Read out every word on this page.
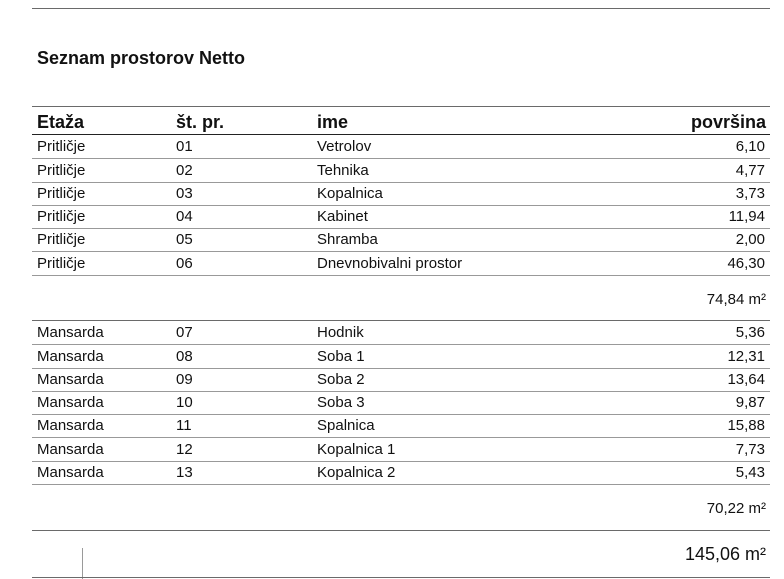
Seznam prostorov Netto
Etaža	št. pr.	ime	površina
Pritličje	01	Vetrolov	6,10
Pritličje	02	Tehnika	4,77
Pritličje	03	Kopalnica	3,73
Pritličje	04	Kabinet	11,94
Pritličje	05	Shramba	2,00
Pritličje	06	Dnevnobivalni prostor	46,30
74,84 m²
Mansarda	07	Hodnik	5,36
Mansarda	08	Soba 1	12,31
Mansarda	09	Soba 2	13,64
Mansarda	10	Soba 3	9,87
Mansarda	11	Spalnica	15,88
Mansarda	12	Kopalnica 1	7,73
Mansarda	13	Kopalnica 2	5,43
70,22 m²
145,06 m²
